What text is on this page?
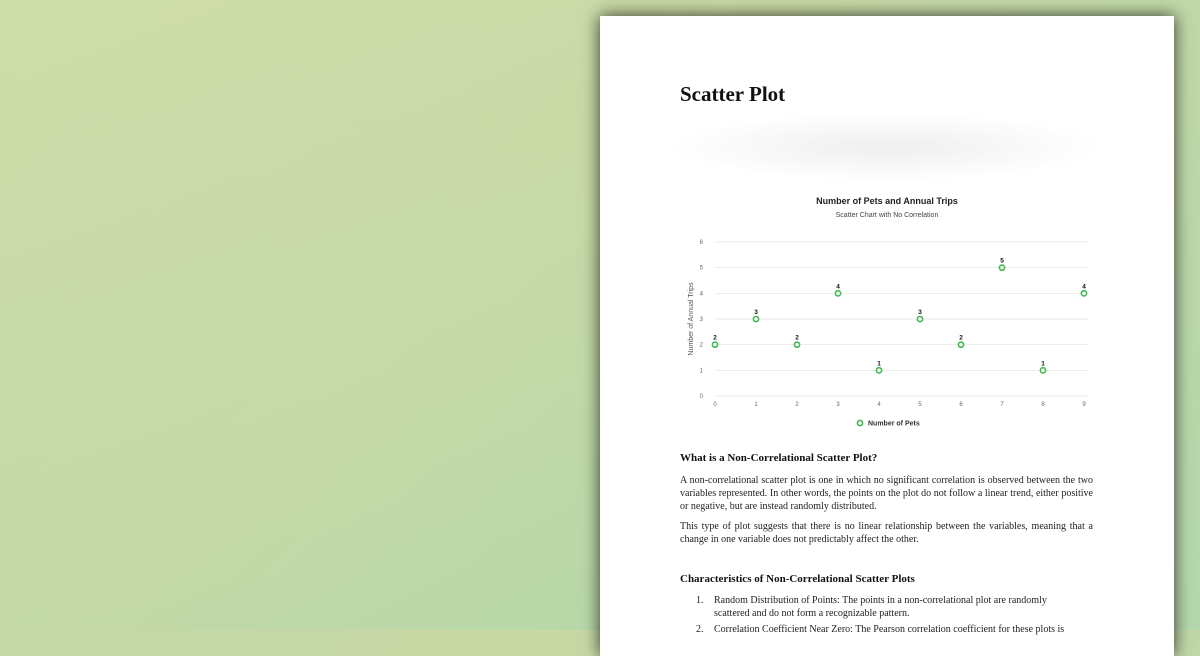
Scatter Plot
Number of Pets and Annual Trips
Scatter Chart with No Correlation
Number of Annual Trips
0
1
2
3
4
5
6
0	1	2	3	4	5	6	7	8	9
2
3
2
4
1
3
2
5
1
4
Number of Pets
What is a Non-Correlational Scatter Plot?

A non-correlational scatter plot is one in which no significant correlation is observed between the two variables represented. In other words, the points on the plot do not follow a linear trend, either positive or negative, but are instead randomly distributed.

This type of plot suggests that there is no linear relationship between the variables, meaning that a change in one variable does not predictably affect the other.

Characteristics of Non-Correlational Scatter Plots
1. Random Distribution of Points: The points in a non-correlational plot are randomly scattered and do not form a recognizable pattern.
2. Correlation Coefficient Near Zero: The Pearson correlation coefficient for these plots is
